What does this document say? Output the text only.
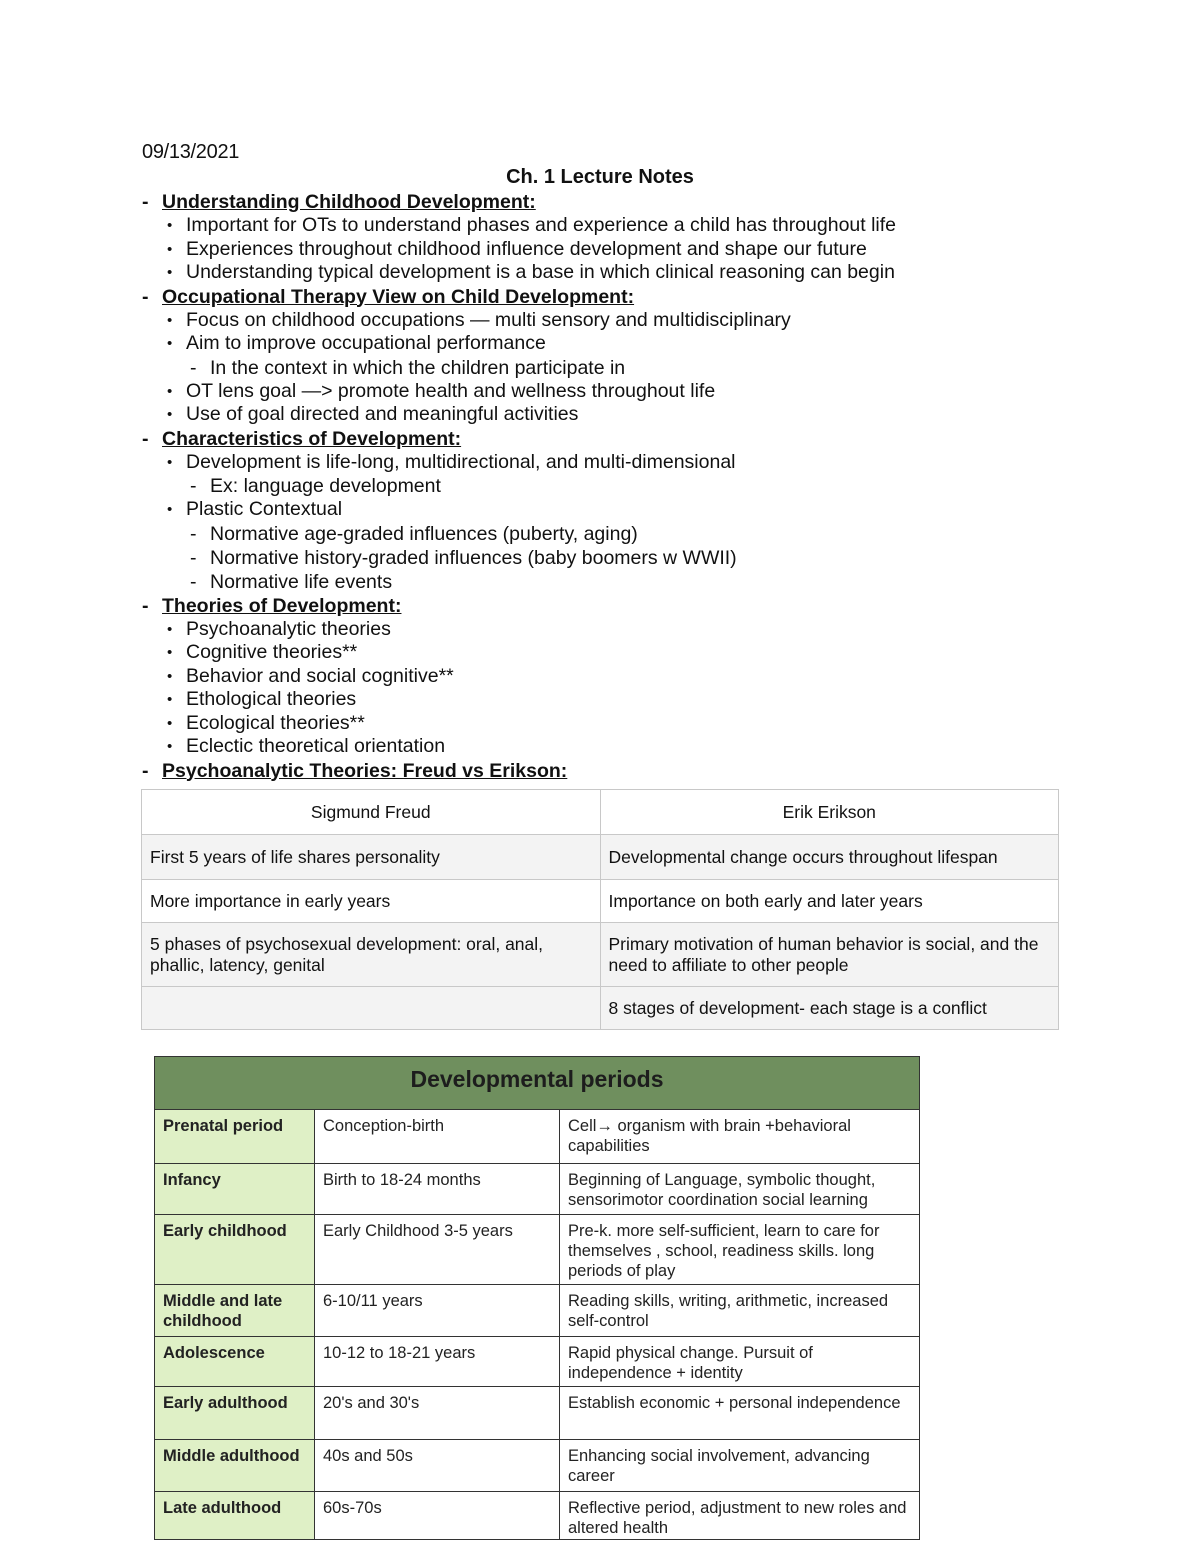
09/13/2021
Ch. 1 Lecture Notes
- Understanding Childhood Development:
• Important for OTs to understand phases and experience a child has throughout life
• Experiences throughout childhood influence development and shape our future
• Understanding typical development is a base in which clinical reasoning can begin
- Occupational Therapy View on Child Development:
• Focus on childhood occupations — multi sensory and multidisciplinary
• Aim to improve occupational performance
- In the context in which the children participate in
• OT lens goal —> promote health and wellness throughout life
• Use of goal directed and meaningful activities
- Characteristics of Development:
• Development is life-long, multidirectional, and multi-dimensional
- Ex: language development
• Plastic Contextual
- Normative age-graded influences (puberty, aging)
- Normative history-graded influences (baby boomers w WWII)
- Normative life events
- Theories of Development:
• Psychoanalytic theories
• Cognitive theories**
• Behavior and social cognitive**
• Ethological theories
• Ecological theories**
• Eclectic theoretical orientation
- Psychoanalytic Theories: Freud vs Erikson:
Sigmund Freud	Erik Erikson
First 5 years of life shares personality	Developmental change occurs throughout lifespan
More importance in early years	Importance on both early and later years
5 phases of psychosexual development: oral, anal, phallic, latency, genital	Primary motivation of human behavior is social, and the need to affiliate to other people
	8 stages of development- each stage is a conflict
Developmental periods
Prenatal period	Conception-birth	Cell→ organism with brain +behavioral capabilities
Infancy	Birth to 18-24 months	Beginning of Language, symbolic thought, sensorimotor coordination social learning
Early childhood	Early Childhood 3-5 years	Pre-k. more self-sufficient, learn to care for themselves , school, readiness skills. long periods of play
Middle and late childhood	6-10/11 years	Reading skills, writing, arithmetic, increased self-control
Adolescence	10-12 to 18-21 years	Rapid physical change. Pursuit of independence + identity
Early adulthood	20's and 30's	Establish economic + personal independence
Middle adulthood	40s and 50s	Enhancing social involvement, advancing career
Late adulthood	60s-70s	Reflective period, adjustment to new roles and altered health
